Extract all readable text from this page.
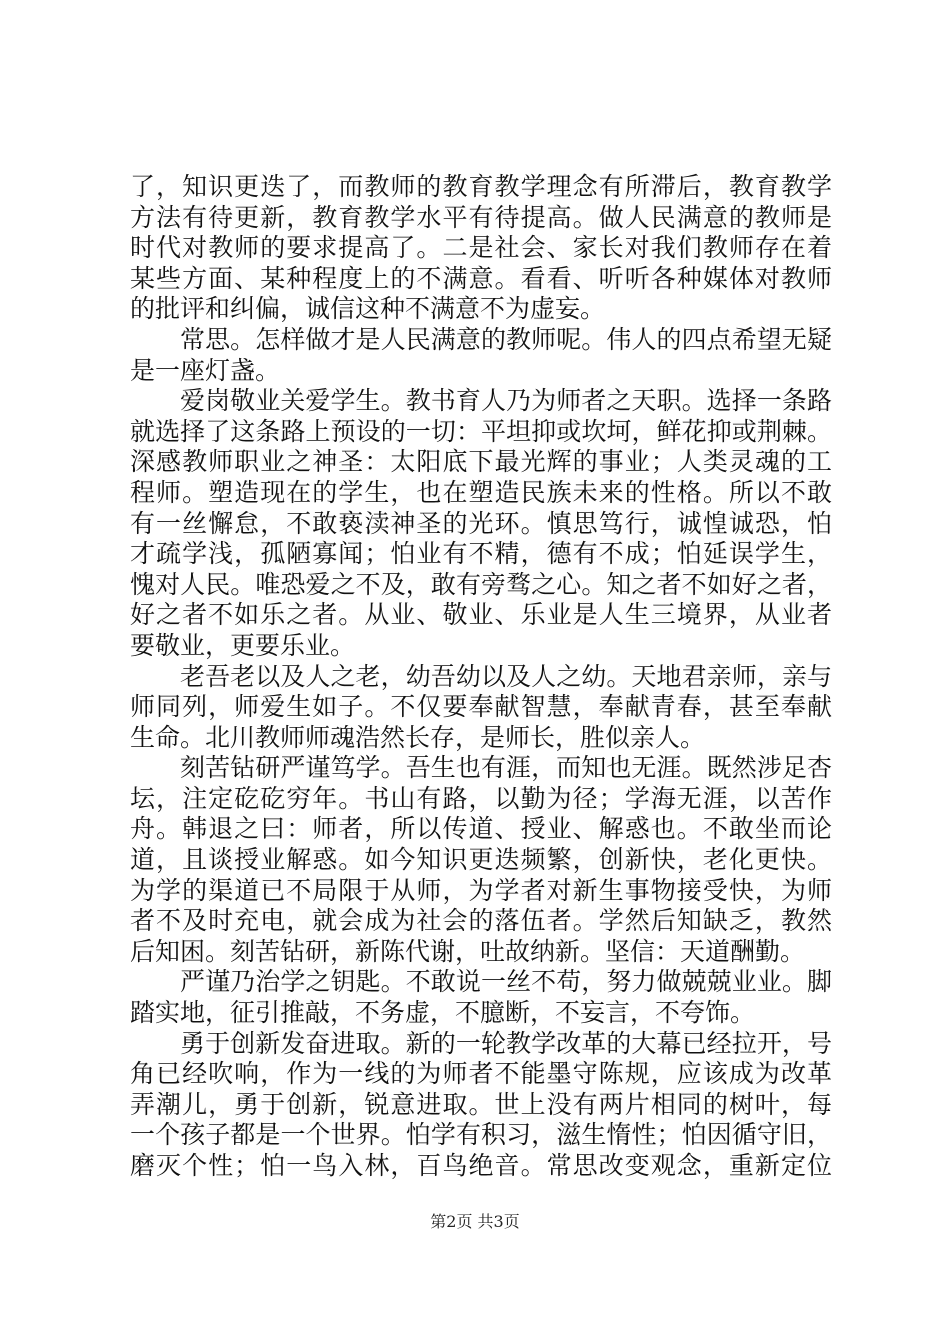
了，知识更迭了，而教师的教育教学理念有所滞后，教育教学
方法有待更新，教育教学水平有待提高。做人民满意的教师是
时代对教师的要求提高了。二是社会、家长对我们教师存在着
某些方面、某种程度上的不满意。看看、听听各种媒体对教师
的批评和纠偏，诚信这种不满意不为虚妄。
常思。怎样做才是人民满意的教师呢。伟人的四点希望无疑
是一座灯盏。
爱岗敬业关爱学生。教书育人乃为师者之天职。选择一条路
就选择了这条路上预设的一切：平坦抑或坎坷，鲜花抑或荆棘。
深感教师职业之神圣：太阳底下最光辉的事业；人类灵魂的工
程师。塑造现在的学生，也在塑造民族未来的性格。所以不敢
有一丝懈怠，不敢亵渎神圣的光环。慎思笃行，诚惶诚恐，怕
才疏学浅，孤陋寡闻；怕业有不精，德有不成；怕延误学生，
愧对人民。唯恐爱之不及，敢有旁骛之心。知之者不如好之者，
好之者不如乐之者。从业、敬业、乐业是人生三境界，从业者
要敬业，更要乐业。
老吾老以及人之老，幼吾幼以及人之幼。天地君亲师，亲与
师同列，师爱生如子。不仅要奉献智慧，奉献青春，甚至奉献
生命。北川教师师魂浩然长存，是师长，胜似亲人。
刻苦钻研严谨笃学。吾生也有涯，而知也无涯。既然涉足杏
坛，注定矻矻穷年。书山有路，以勤为径；学海无涯，以苦作
舟。韩退之曰：师者，所以传道、授业、解惑也。不敢坐而论
道，且谈授业解惑。如今知识更迭频繁，创新快，老化更快。
为学的渠道已不局限于从师，为学者对新生事物接受快，为师
者不及时充电，就会成为社会的落伍者。学然后知缺乏，教然
后知困。刻苦钻研，新陈代谢，吐故纳新。坚信：天道酬勤。
严谨乃治学之钥匙。不敢说一丝不苟，努力做兢兢业业。脚
踏实地，征引推敲，不务虚，不臆断，不妄言，不夸饰。
勇于创新发奋进取。新的一轮教学改革的大幕已经拉开，号
角已经吹响，作为一线的为师者不能墨守陈规，应该成为改革
弄潮儿，勇于创新，锐意进取。世上没有两片相同的树叶，每
一个孩子都是一个世界。怕学有积习，滋生惰性；怕因循守旧，
磨灭个性；怕一鸟入林，百鸟绝音。常思改变观念，重新定位
第2页 共3页
